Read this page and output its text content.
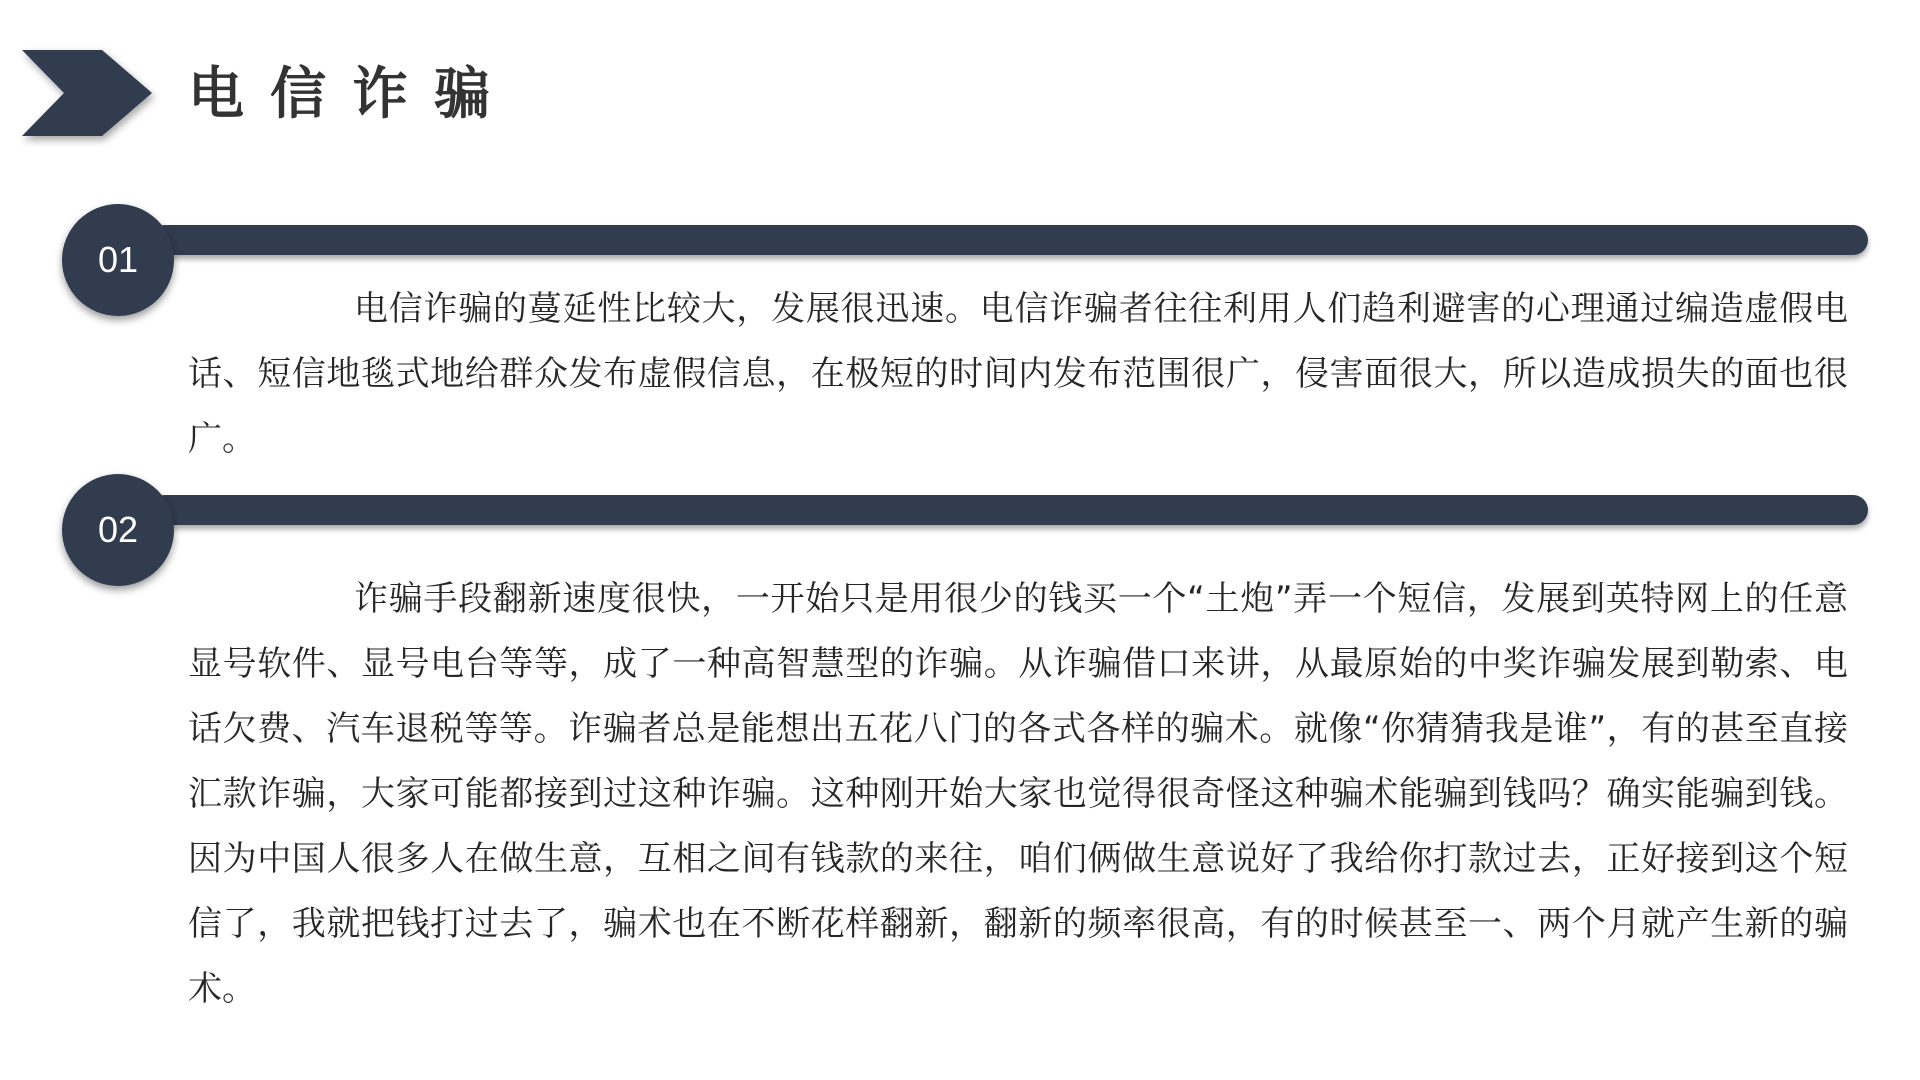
电信诈骗
01

电信诈骗的蔓延性比较大，发展很迅速。电信诈骗者往往利用人们趋利避害的心理通过编造虚假电话、短信地毯式地给群众发布虚假信息，在极短的时间内发布范围很广，侵害面很大，所以造成损失的面也很广。

02

诈骗手段翻新速度很快，一开始只是用很少的钱买一个“土炮”弄一个短信，发展到英特网上的任意显号软件、显号电台等等，成了一种高智慧型的诈骗。从诈骗借口来讲，从最原始的中奖诈骗发展到勒索、电话欠费、汽车退税等等。诈骗者总是能想出五花八门的各式各样的骗术。就像“你猜猜我是谁”，有的甚至直接汇款诈骗，大家可能都接到过这种诈骗。这种刚开始大家也觉得很奇怪这种骗术能骗到钱吗？确实能骗到钱。因为中国人很多人在做生意，互相之间有钱款的来往，咱们俩做生意说好了我给你打款过去，正好接到这个短信了，我就把钱打过去了，骗术也在不断花样翻新，翻新的频率很高，有的时候甚至一、两个月就产生新的骗术。
